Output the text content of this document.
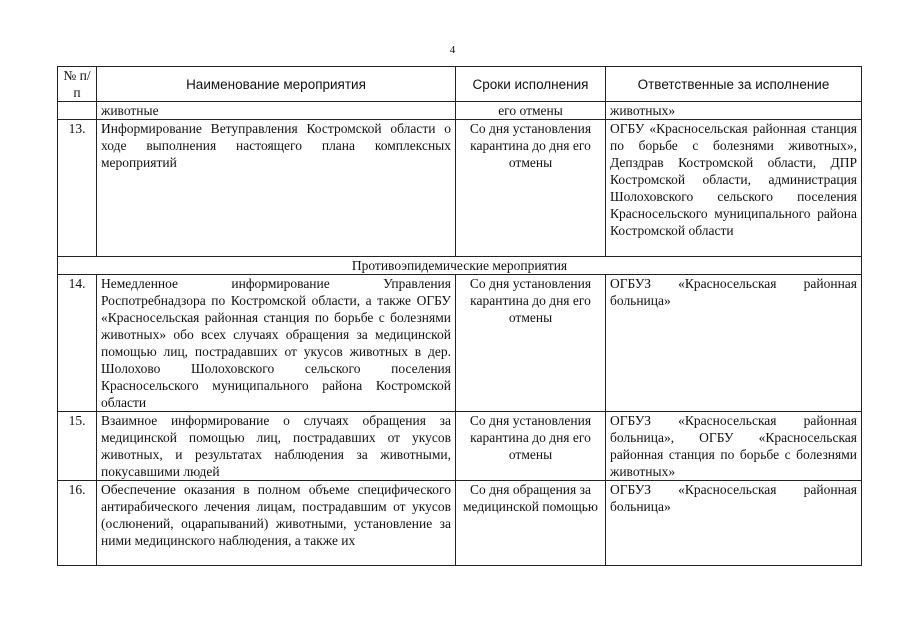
4
№ п/п	Наименование мероприятия	Сроки исполнения	Ответственные за исполнение
	животные	его отмены	животных»
13.	Информирование Ветуправления Костромской области о ходе выполнения настоящего плана комплексных мероприятий	Со дня установления карантина до дня его отмены	ОГБУ «Красносельская районная станция по борьбе с болезнями животных», Депздрав Костромской области, ДПР Костромской области, администрация Шолоховского сельского поселения Красносельского муниципального района Костромской области
Противоэпидемические мероприятия			
14.	Немедленное информирование Управления Роспотребнадзора по Костромской области, а также ОГБУ «Красносельская районная станция по борьбе с болезнями животных» обо всех случаях обращения за медицинской помощью лиц, пострадавших от укусов животных в дер. Шолохово Шолоховского сельского поселения Красносельского муниципального района Костромской области	Со дня установления карантина до дня его отмены	ОГБУЗ «Красносельская районная больница»
15.	Взаимное информирование о случаях обращения за медицинской помощью лиц, пострадавших от укусов животных, и результатах наблюдения за животными, покусавшими людей	Со дня установления карантина до дня его отмены	ОГБУЗ «Красносельская районная больница», ОГБУ «Красносельская районная станция по борьбе с болезнями животных»
16.	Обеспечение оказания в полном объеме специфического антирабического лечения лицам, пострадавшим от укусов (ослюнений, оцарапываний) животными, установление за ними медицинского наблюдения, а также их	Со дня обращения за медицинской помощью	ОГБУЗ «Красносельская районная больница»
